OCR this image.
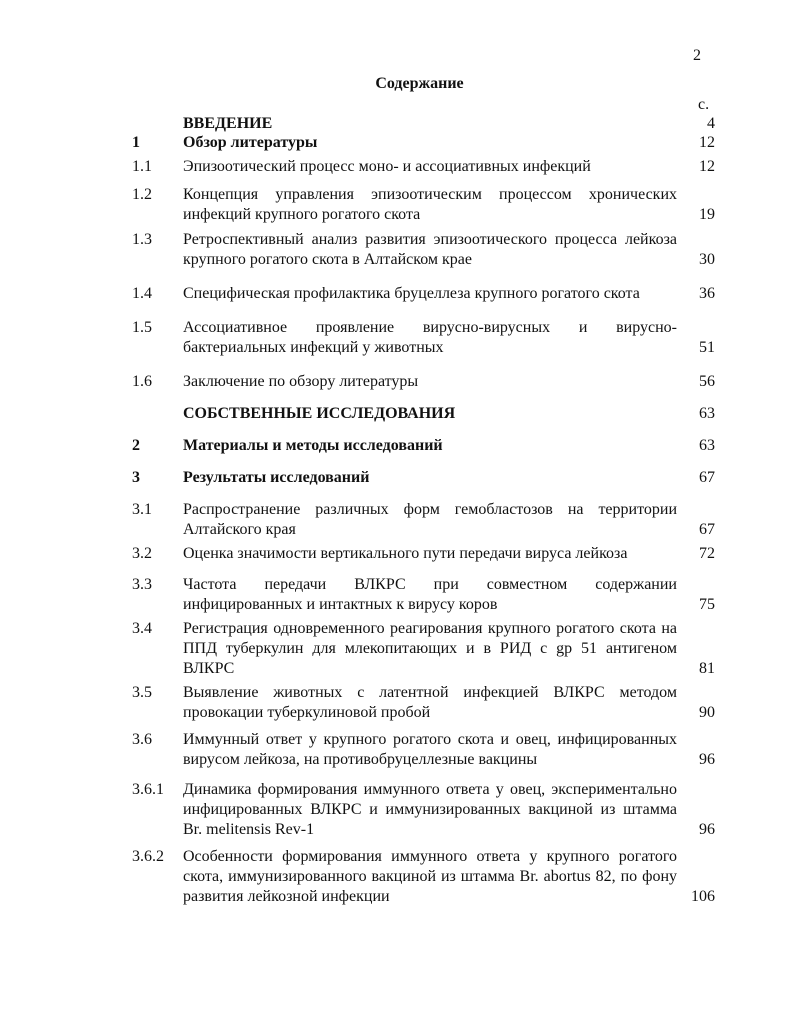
2
Содержание
с.
ВВЕДЕНИЕ	4
1	Обзор литературы	12
1.1 Эпизоотический процесс моно- и ассоциативных инфекций	12
1.2 Концепция управления эпизоотическим процессом хронических инфекций крупного рогатого скота	19
1.3 Ретроспективный анализ развития эпизоотического процесса лейкоза крупного рогатого скота в Алтайском крае	30
1.4 Специфическая профилактика бруцеллеза крупного рогатого скота	36
1.5 Ассоциативное проявление вирусно-вирусных и вирусно-бактериальных инфекций у животных	51
1.6 Заключение по обзору литературы	56
СОБСТВЕННЫЕ ИССЛЕДОВАНИЯ	63
2	Материалы и методы исследований	63
3	Результаты исследований	67
3.1 Распространение различных форм гемобластозов на территории Алтайского края	67
3.2 Оценка значимости вертикального пути передачи вируса лейкоза	72
3.3 Частота передачи ВЛКРС при совместном содержании инфицированных и интактных к вирусу коров	75
3.4 Регистрация одновременного реагирования крупного рогатого скота на ППД туберкулин для млекопитающих и в РИД с gp 51 антигеном ВЛКРС	81
3.5 Выявление животных с латентной инфекцией ВЛКРС методом провокации туберкулиновой пробой	90
3.6 Иммунный ответ у крупного рогатого скота и овец, инфицированных вирусом лейкоза, на противобруцеллезные вакцины	96
3.6.1 Динамика формирования иммунного ответа у овец, экспериментально инфицированных ВЛКРС и иммунизированных вакциной из штамма Br. melitensis Rev-1	96
3.6.2 Особенности формирования иммунного ответа у крупного рогатого скота, иммунизированного вакциной из штамма Br. abortus 82, по фону развития лейкозной инфекции	106
